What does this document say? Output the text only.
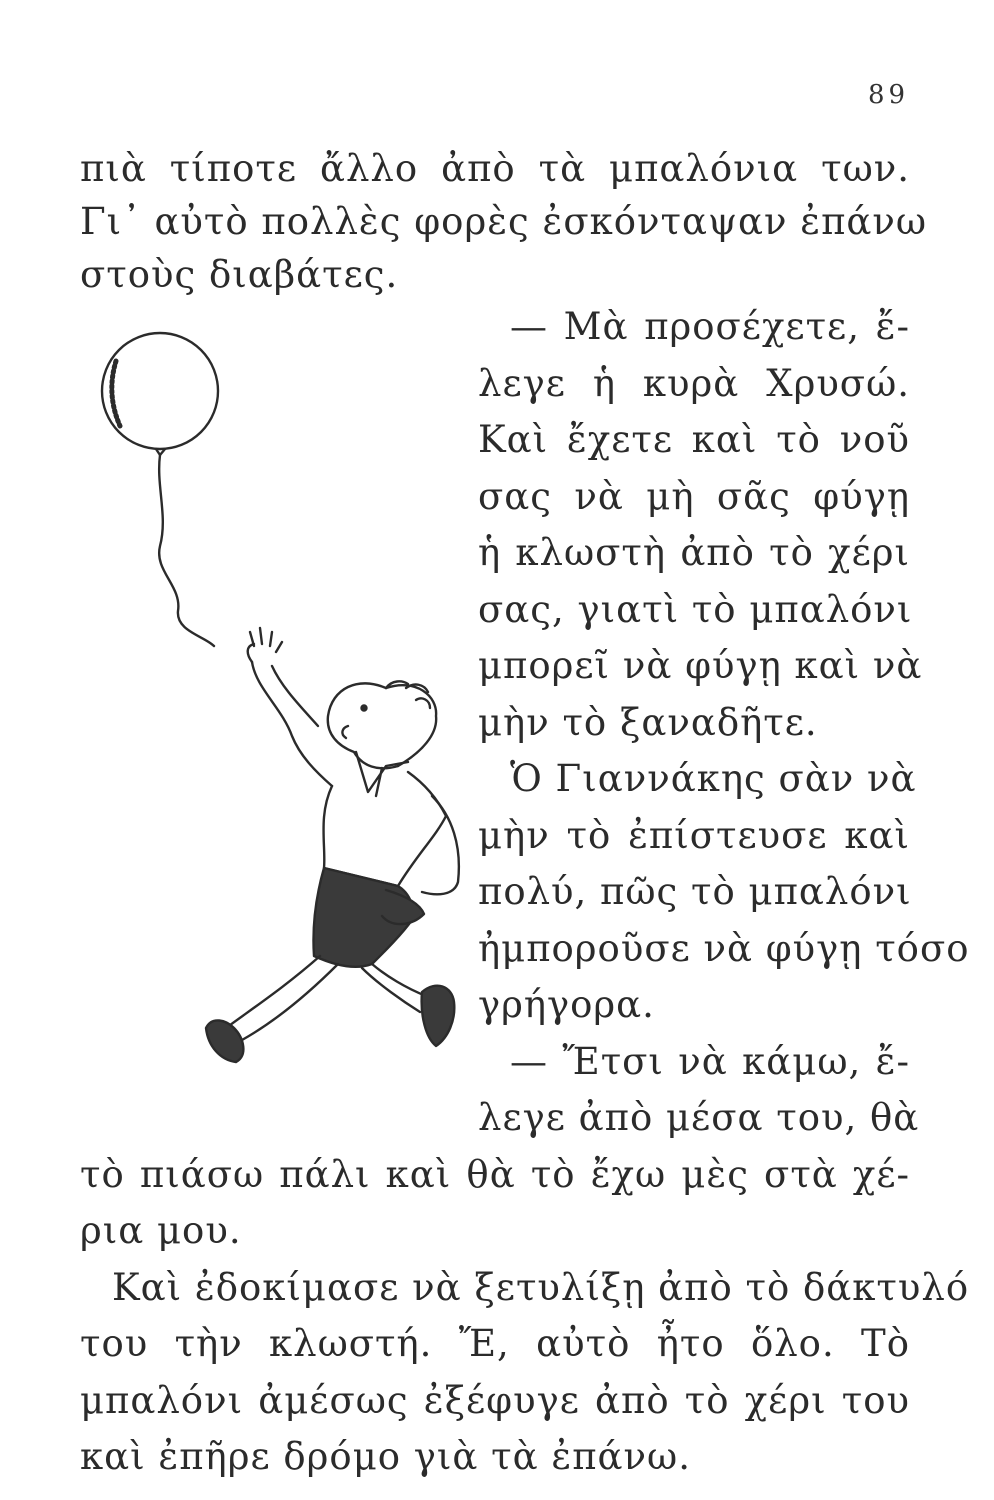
89
πιὰ τίποτε ἄλλο ἀπὸ τὰ μπαλόνια των.
Γι᾿ αὐτὸ πολλὲς φορὲς ἐσκόνταψαν ἐπάνω
στοὺς διαβάτες.
— Μὰ προσέχετε, ἔ-
λεγε ἡ κυρὰ Χρυσώ.
Καὶ ἔχετε καὶ τὸ νοῦ
σας νὰ μὴ σᾶς φύγῃ
ἡ κλωστὴ ἀπὸ τὸ χέρι
σας, γιατὶ τὸ μπαλόνι
μπορεῖ νὰ φύγῃ καὶ νὰ
μὴν τὸ ξαναδῆτε.
Ὁ Γιαννάκης σὰν νὰ
μὴν τὸ ἐπίστευσε καὶ
πολύ, πῶς τὸ μπαλόνι
ἠμποροῦσε νὰ φύγῃ τόσο
γρήγορα.
— Ἔτσι νὰ κάμω, ἔ-
λεγε ἀπὸ μέσα του, θὰ
τὸ πιάσω πάλι καὶ θὰ τὸ ἔχω μὲς στὰ χέ-
ρια μου.
Καὶ ἐδοκίμασε νὰ ξετυλίξῃ ἀπὸ τὸ δάκτυλό
του τὴν κλωστή. Ἔ, αὐτὸ ἦτο ὅλο. Τὸ
μπαλόνι ἀμέσως ἐξέφυγε ἀπὸ τὸ χέρι του
καὶ ἐπῆρε δρόμο γιὰ τὰ ἐπάνω.
